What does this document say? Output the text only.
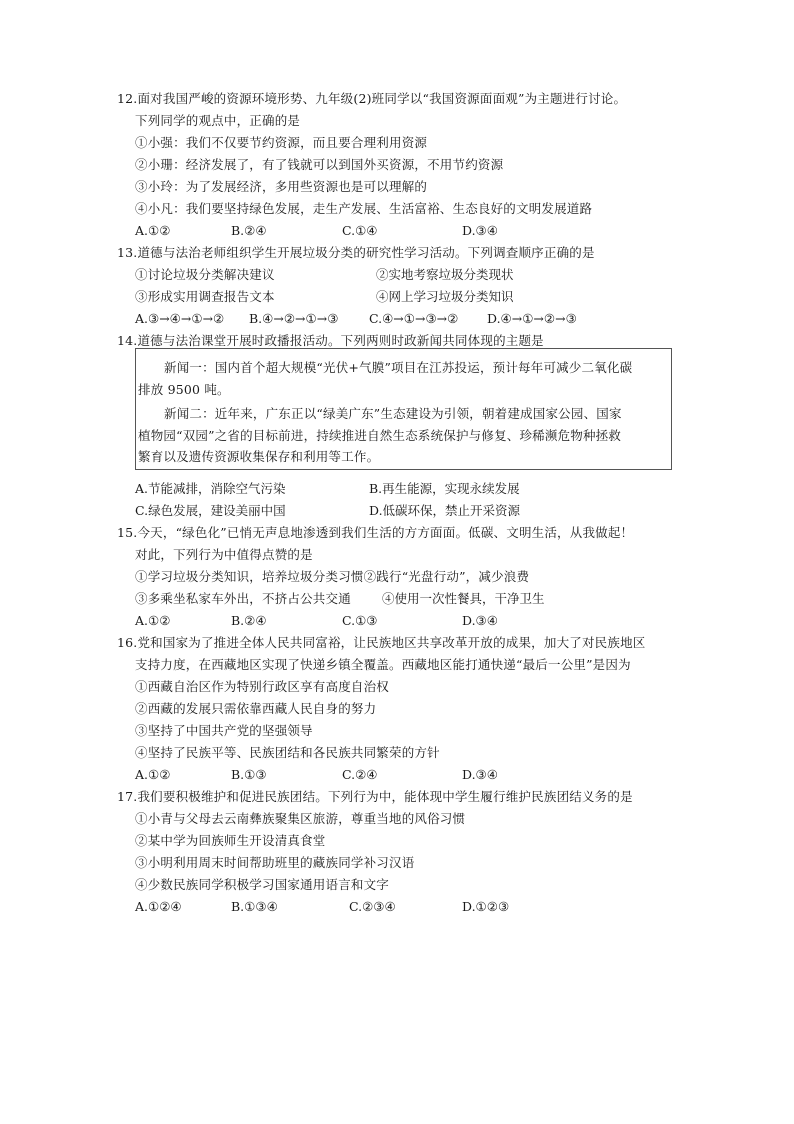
12.面对我国严峻的资源环境形势、九年级(2)班同学以“我国资源面面观”为主题进行讨论。
下列同学的观点中，正确的是
①小强：我们不仅要节约资源，而且要合理利用资源
②小珊：经济发展了，有了钱就可以到国外买资源，不用节约资源
③小玲：为了发展经济，多用些资源也是可以理解的
④小凡：我们要坚持绿色发展，走生产发展、生活富裕、生态良好的文明发展道路
A.①②	B.②④	C.①④	D.③④
13.道德与法治老师组织学生开展垃圾分类的研究性学习活动。下列调查顺序正确的是
①讨论垃圾分类解决建议	②实地考察垃圾分类现状
③形成实用调查报告文本	④网上学习垃圾分类知识
A.③→④→①→② B.④→②→①→③ C.④→①→③→② D.④→①→②→③
14.道德与法治课堂开展时政播报活动。下列两则时政新闻共同体现的主题是
新闻一：国内首个超大规模“光伏+气膜”项目在江苏投运，预计每年可减少二氧化碳
排放 9500 吨。
新闻二：近年来，广东正以“绿美广东”生态建设为引领，朝着建成国家公园、国家
植物园“双园”之省的目标前进，持续推进自然生态系统保护与修复、珍稀濒危物种拯救
繁育以及遗传资源收集保存和利用等工作。
A.节能减排，消除空气污染	B.再生能源，实现永续发展
C.绿色发展，建设美丽中国	D.低碳环保，禁止开采资源
15.今天，“绿色化”已悄无声息地渗透到我们生活的方方面面。低碳、文明生活，从我做起！
对此，下列行为中值得点赞的是
①学习垃圾分类知识，培养垃圾分类习惯②践行“光盘行动”，减少浪费
③多乘坐私家车外出，不挤占公共交通 ④使用一次性餐具，干净卫生
A.①②	B.②④	C.①③	D.③④
16.党和国家为了推进全体人民共同富裕，让民族地区共享改革开放的成果，加大了对民族地区
支持力度，在西藏地区实现了快递乡镇全覆盖。西藏地区能打通快递“最后一公里”是因为
①西藏自治区作为特别行政区享有高度自治权
②西藏的发展只需依靠西藏人民自身的努力
③坚持了中国共产党的坚强领导
④坚持了民族平等、民族团结和各民族共同繁荣的方针
A.①②	B.①③	C.②④	D.③④
17.我们要积极维护和促进民族团结。下列行为中，能体现中学生履行维护民族团结义务的是
①小青与父母去云南彝族聚集区旅游，尊重当地的风俗习惯
②某中学为回族师生开设清真食堂
③小明利用周末时间帮助班里的藏族同学补习汉语
④少数民族同学积极学习国家通用语言和文字
A.①②④	B.①③④	C.②③④	D.①②③
